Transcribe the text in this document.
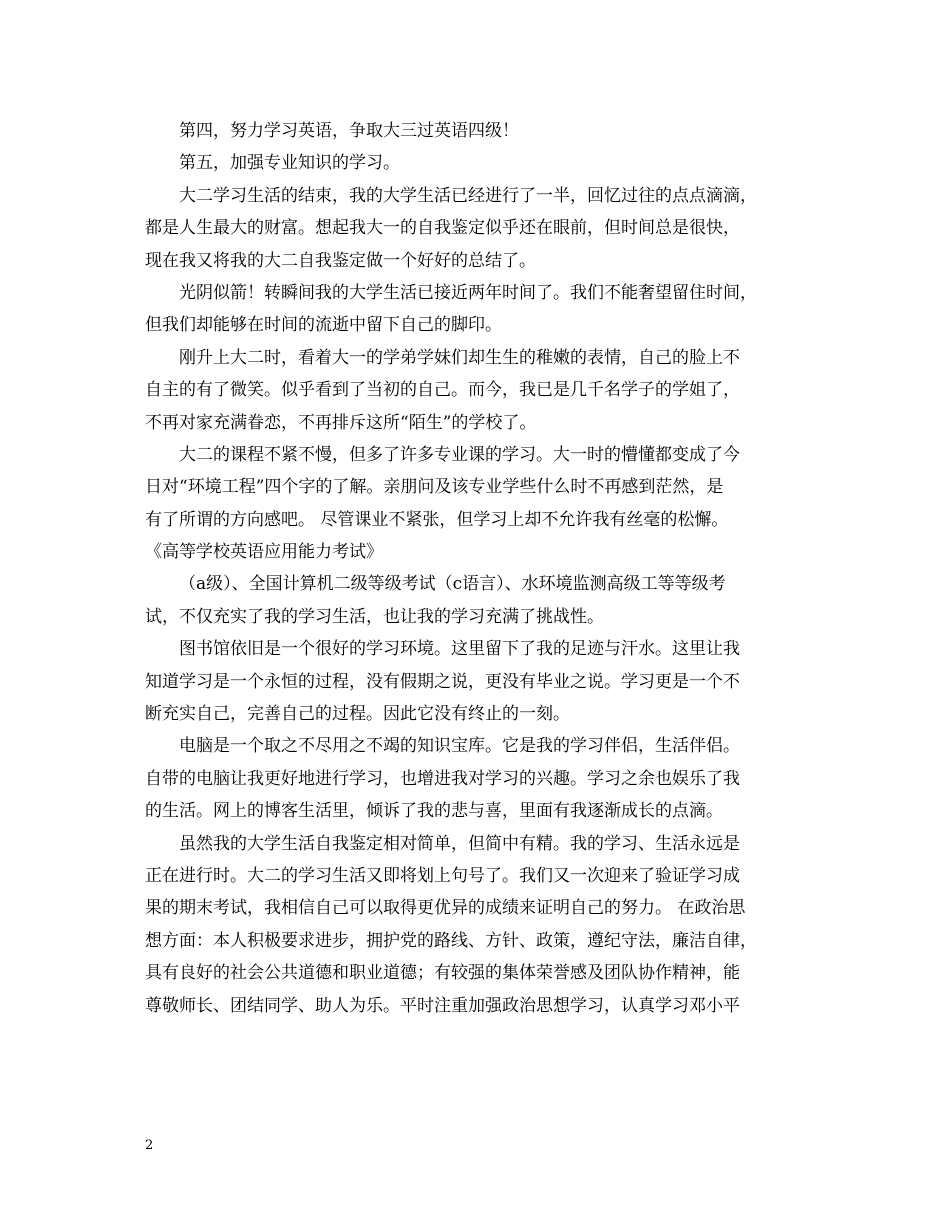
第四，努力学习英语，争取大三过英语四级！
第五，加强专业知识的学习。
大二学习生活的结束，我的大学生活已经进行了一半，回忆过往的点点滴滴，
都是人生最大的财富。想起我大一的自我鉴定似乎还在眼前，但时间总是很快，
现在我又将我的大二自我鉴定做一个好好的总结了。
光阴似箭！转瞬间我的大学生活已接近两年时间了。我们不能奢望留住时间，
但我们却能够在时间的流逝中留下自己的脚印。
刚升上大二时，看着大一的学弟学妹们却生生的稚嫩的表情，自己的脸上不
自主的有了微笑。似乎看到了当初的自己。而今，我已是几千名学子的学姐了，
不再对家充满眷恋，不再排斥这所“陌生”的学校了。
大二的课程不紧不慢，但多了许多专业课的学习。大一时的懵懂都变成了今
日对“环境工程”四个字的了解。亲朋问及该专业学些什么时不再感到茫然，是
有了所谓的方向感吧。 尽管课业不紧张，但学习上却不允许我有丝毫的松懈。
《高等学校英语应用能力考试》
（a级）、全国计算机二级等级考试（c语言）、水环境监测高级工等等级考
试，不仅充实了我的学习生活，也让我的学习充满了挑战性。
图书馆依旧是一个很好的学习环境。这里留下了我的足迹与汗水。这里让我
知道学习是一个永恒的过程，没有假期之说，更没有毕业之说。学习更是一个不
断充实自己，完善自己的过程。因此它没有终止的一刻。
电脑是一个取之不尽用之不竭的知识宝库。它是我的学习伴侣，生活伴侣。
自带的电脑让我更好地进行学习，也增进我对学习的兴趣。学习之余也娱乐了我
的生活。网上的博客生活里，倾诉了我的悲与喜，里面有我逐渐成长的点滴。
虽然我的大学生活自我鉴定相对简单，但简中有精。我的学习、生活永远是
正在进行时。大二的学习生活又即将划上句号了。我们又一次迎来了验证学习成
果的期末考试，我相信自己可以取得更优异的成绩来证明自己的努力。 在政治思
想方面：本人积极要求进步，拥护党的路线、方针、政策，遵纪守法，廉洁自律，
具有良好的社会公共道德和职业道德；有较强的集体荣誉感及团队协作精神，能
尊敬师长、团结同学、助人为乐。平时注重加强政治思想学习，认真学习邓小平
2
